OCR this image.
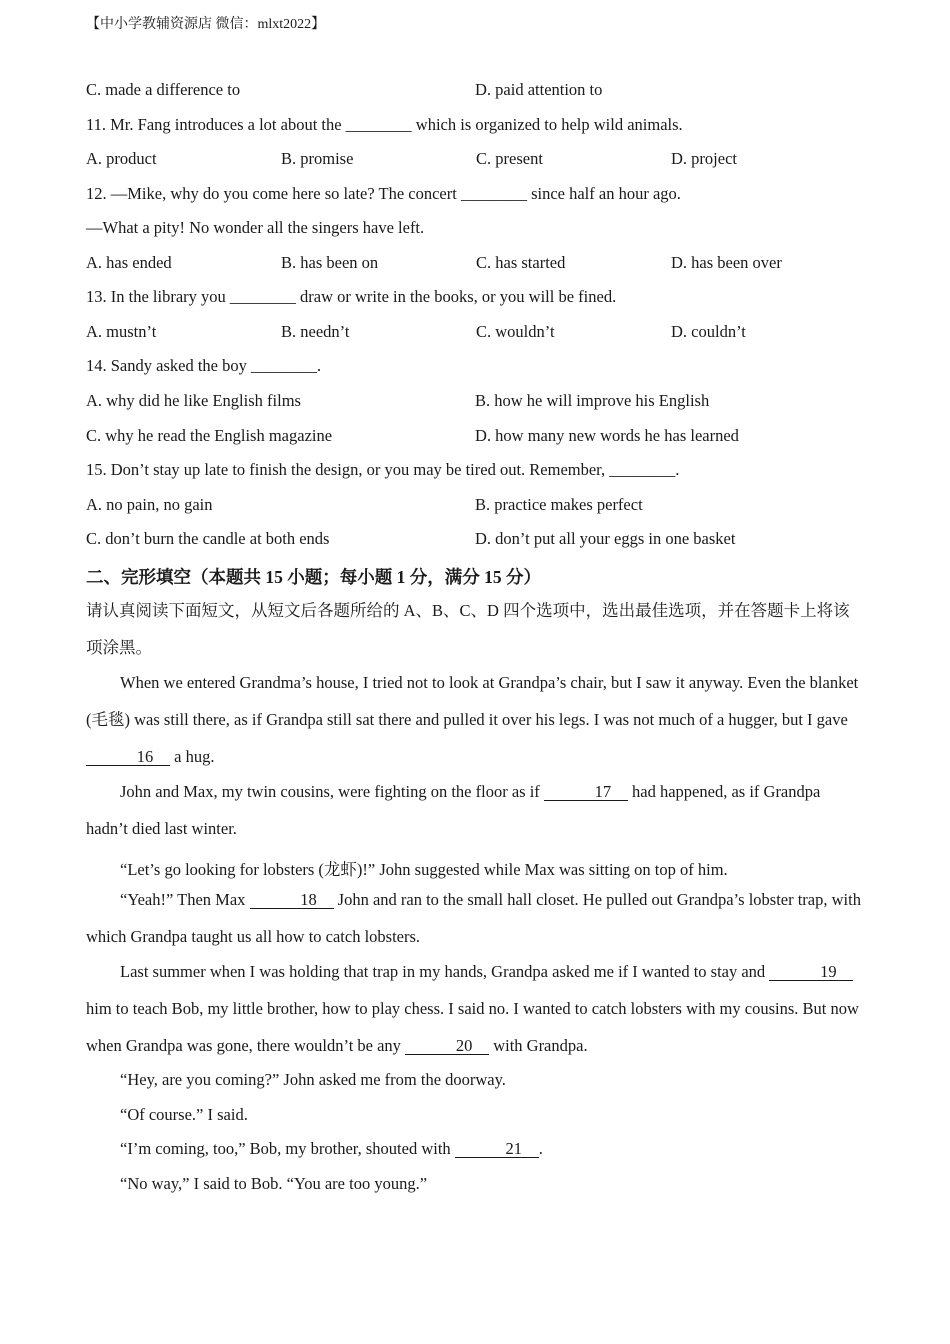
【中小学教辅资源店 微信：mlxt2022】
C. made a difference to	D. paid attention to
11. Mr. Fang introduces a lot about the ________ which is organized to help wild animals.
A. product	B. promise	C. present	D. project
12. —Mike, why do you come here so late? The concert ________ since half an hour ago.
—What a pity! No wonder all the singers have left.
A. has ended	B. has been on	C. has started	D. has been over
13. In the library you ________ draw or write in the books, or you will be fined.
A. mustn’t	B. needn’t	C. wouldn’t	D. couldn’t
14. Sandy asked the boy ________.
A. why did he like English films	B. how he will improve his English
C. why he read the English magazine	D. how many new words he has learned
15. Don’t stay up late to finish the design, or you may be tired out. Remember, ________.
A. no pain, no gain	B. practice makes perfect
C. don’t burn the candle at both ends	D. don’t put all your eggs in one basket
二、完形填空（本题共 15 小题；每小题 1 分，满分 15 分）
请认真阅读下面短文，从短文后各题所给的 A、B、C、D 四个选项中，选出最佳选项，并在答题卡上将该项涂黑。
When we entered Grandma’s house, I tried not to look at Grandpa’s chair, but I saw it anyway. Even the blanket (毛毯) was still there, as if Grandpa still sat there and pulled it over his legs. I was not much of a hugger, but I gave 16 a hug.
John and Max, my twin cousins, were fighting on the floor as if	17 had happened, as if Grandpa hadn’t died last winter.
“Let’s go looking for lobsters (龙虾)!” John suggested while Max was sitting on top of him.
“Yeah!” Then Max	18 John and ran to the small hall closet. He pulled out Grandpa’s lobster trap, with which Grandpa taught us all how to catch lobsters.
Last summer when I was holding that trap in my hands, Grandpa asked me if I wanted to stay and	19 him to teach Bob, my little brother, how to play chess. I said no. I wanted to catch lobsters with my cousins. But now when Grandpa was gone, there wouldn’t be any	20 with Grandpa.
“Hey, are you coming?” John asked me from the doorway.
“Of course.” I said.
“I’m coming, too,” Bob, my brother, shouted with	21 .
“No way,” I said to Bob. “You are too young.”
